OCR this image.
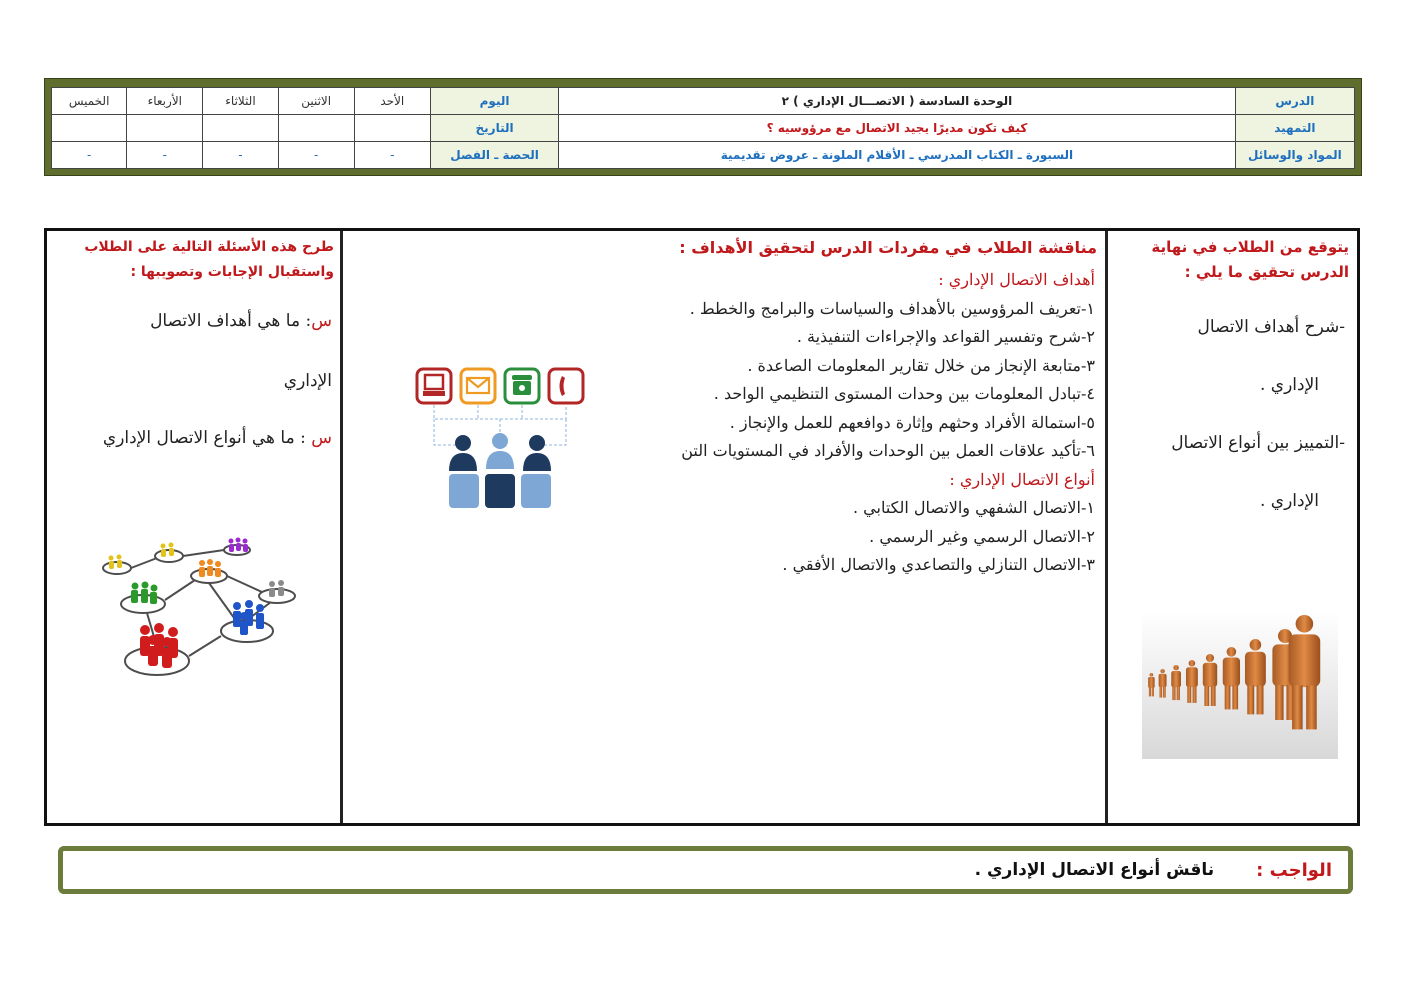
الدرس	الوحدة السادسة ( الاتصـــال الإداري ) ٢	اليوم	الأحد	الاثنين	الثلاثاء	الأربعاء	الخميس
التمهيد	كيف تكون مديرًا يجيد الاتصال مع مرؤوسيه ؟	التاريخ					
المواد والوسائل	السبورة ـ الكتاب المدرسي ـ الأقلام الملونة ـ عروض تقديمية	الحصة ـ الفصل	-	-	-	-	-
يتوقع من الطلاب في نهاية الدرس تحقيق ما يلي :
-شرح أهداف الاتصال
الإداري .
-التمييز بين أنواع الاتصال
الإداري .
مناقشة الطلاب في مفردات الدرس لتحقيق الأهداف :
أهداف الاتصال الإداري :
١-تعريف المرؤوسين بالأهداف والسياسات والبرامج والخطط .
٢-شرح وتفسير القواعد والإجراءات التنفيذية .
٣-متابعة الإنجاز من خلال تقارير المعلومات الصاعدة .
٤-تبادل المعلومات بين وحدات المستوى التنظيمي الواحد .
٥-استمالة الأفراد وحثهم وإثارة دوافعهم للعمل والإنجاز .
٦-تأكيد علاقات العمل بين الوحدات والأفراد في المستويات التن
أنواع الاتصال الإداري :
١-الاتصال الشفهي والاتصال الكتابي .
٢-الاتصال الرسمي وغير الرسمي .
٣-الاتصال التنازلي والتصاعدي والاتصال الأفقي .
طرح هذه الأسئلة التالية على الطلاب واستقبال الإجابات وتصويبها :
س: ما هي أهداف الاتصال
الإداري
س : ما هي أنواع الاتصال الإداري
الواجب :
ناقش أنواع الاتصال الإداري .
